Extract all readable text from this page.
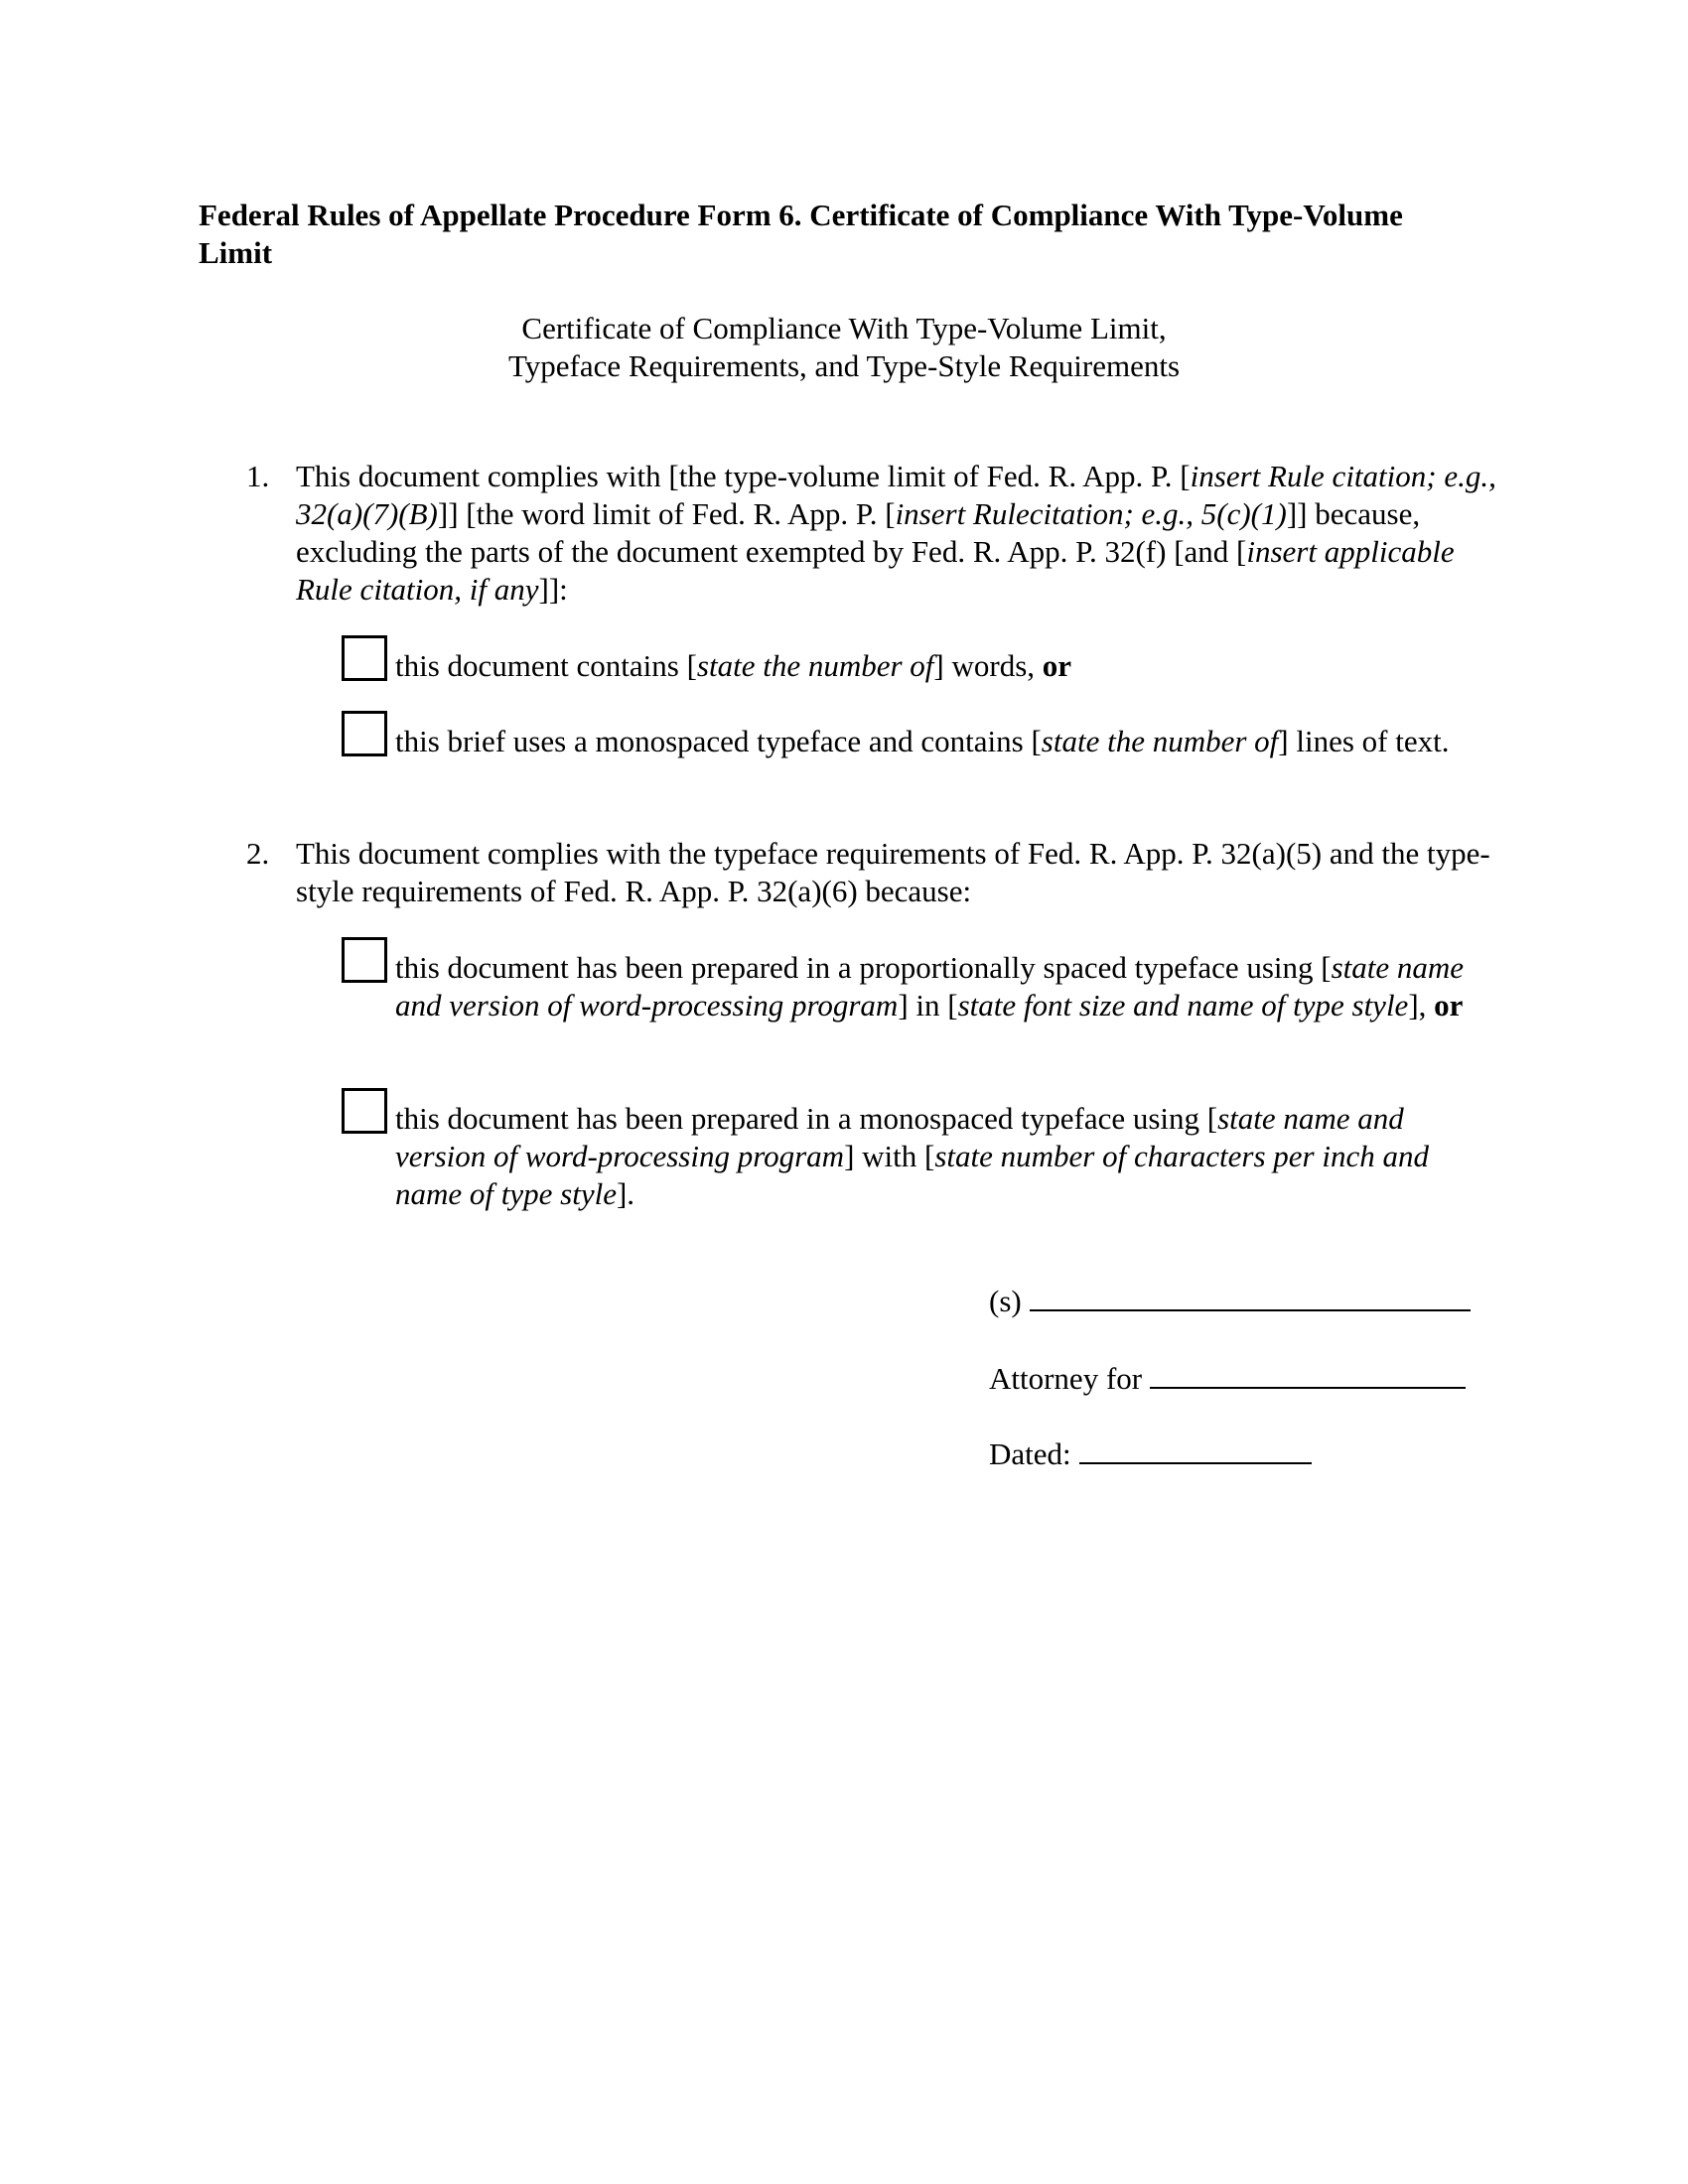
Federal Rules of Appellate Procedure Form 6. Certificate of Compliance With Type-Volume Limit
Certificate of Compliance With Type-Volume Limit,
Typeface Requirements, and Type-Style Requirements
1. This document complies with [the type-volume limit of Fed. R. App. P. [insert Rule citation; e.g., 32(a)(7)(B)]] [the word limit of Fed. R. App. P. [insert Rulecitation; e.g., 5(c)(1)]] because, excluding the parts of the document exempted by Fed. R. App. P. 32(f) [and [insert applicable Rule citation, if any]]:
this document contains [state the number of] words, or
this brief uses a monospaced typeface and contains [state the number of] lines of text.
2. This document complies with the typeface requirements of Fed. R. App. P. 32(a)(5) and the type-style requirements of Fed. R. App. P. 32(a)(6) because:
this document has been prepared in a proportionally spaced typeface using [state name and version of word-processing program] in [state font size and name of type style], or
this document has been prepared in a monospaced typeface using [state name and version of word-processing program] with [state number of characters per inch and name of type style].
(s)
Attorney for
Dated:
